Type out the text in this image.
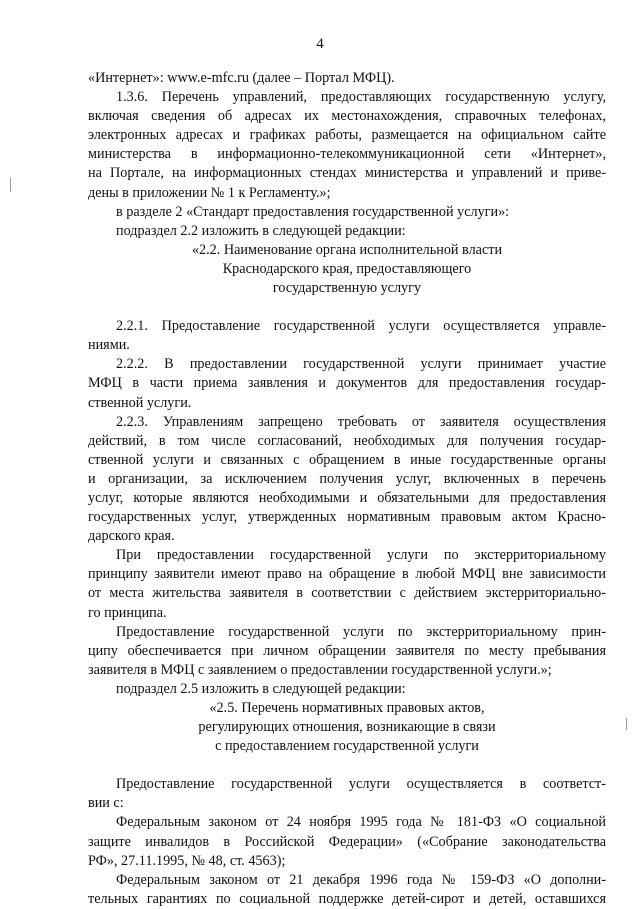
4

«Интернет»: www.e-mfc.ru (далее – Портал МФЦ).

1.3.6. Перечень управлений, предоставляющих государственную услугу,
включая сведения об адресах их местонахождения, справочных телефонах,
электронных адресах и графиках работы, размещается на официальном сайте
министерства в информационно-телекоммуникационной сети «Интернет»,
на Портале, на информационных стендах министерства и управлений и приве-
дены в приложении № 1 к Регламенту.»;

в разделе 2 «Стандарт предоставления государственной услуги»:

подраздел 2.2 изложить в следующей редакции:

«2.2. Наименование органа исполнительной власти
Краснодарского края, предоставляющего
государственную услугу

2.2.1. Предоставление государственной услуги осуществляется управле-
ниями.

2.2.2. В предоставлении государственной услуги принимает участие
МФЦ в части приема заявления и документов для предоставления государ-
ственной услуги.

2.2.3. Управлениям запрещено требовать от заявителя осуществления
действий, в том числе согласований, необходимых для получения государ-
ственной услуги и связанных с обращением в иные государственные органы
и организации, за исключением получения услуг, включенных в перечень
услуг, которые являются необходимыми и обязательными для предоставления
государственных услуг, утвержденных нормативным правовым актом Красно-
дарского края.

При предоставлении государственной услуги по экстерриториальному
принципу заявители имеют право на обращение в любой МФЦ вне зависимости
от места жительства заявителя в соответствии с действием экстерриториально-
го принципа.

Предоставление государственной услуги по экстерриториальному прин-
ципу обеспечивается при личном обращении заявителя по месту пребывания
заявителя в МФЦ с заявлением о предоставлении государственной услуги.»;

подраздел 2.5 изложить в следующей редакции:

«2.5. Перечень нормативных правовых актов,
регулирующих отношения, возникающие в связи
с предоставлением государственной услуги

Предоставление государственной услуги осуществляется в соответст-
вии с:

Федеральным законом от 24 ноября 1995 года № 181-ФЗ «О социальной
защите инвалидов в Российской Федерации» («Собрание законодательства
РФ», 27.11.1995, № 48, ст. 4563);

Федеральным законом от 21 декабря 1996 года № 159-ФЗ «О дополни-
тельных гарантиях по социальной поддержке детей-сирот и детей, оставшихся
